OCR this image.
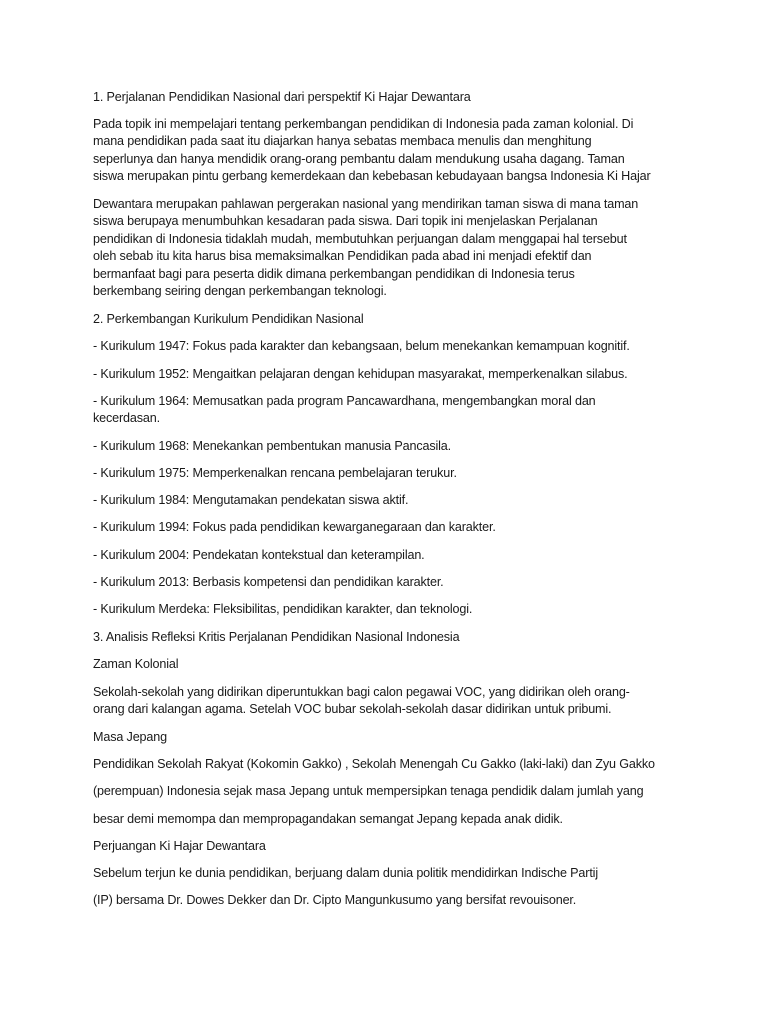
1. Perjalanan Pendidikan Nasional dari perspektif Ki Hajar Dewantara

Pada topik ini mempelajari tentang perkembangan pendidikan di Indonesia pada zaman kolonial. Di

mana pendidikan pada saat itu diajarkan hanya sebatas membaca menulis dan menghitung

seperlunya dan hanya mendidik orang-orang pembantu dalam mendukung usaha dagang. Taman

siswa merupakan pintu gerbang kemerdekaan dan kebebasan kebudayaan bangsa Indonesia Ki Hajar

Dewantara merupakan pahlawan pergerakan nasional yang mendirikan taman siswa di mana taman

siswa berupaya menumbuhkan kesadaran pada siswa. Dari topik ini menjelaskan Perjalanan

pendidikan di Indonesia tidaklah mudah, membutuhkan perjuangan dalam menggapai hal tersebut

oleh sebab itu kita harus bisa memaksimalkan Pendidikan pada abad ini menjadi efektif dan

bermanfaat bagi para peserta didik dimana perkembangan pendidikan di Indonesia terus

berkembang seiring dengan perkembangan teknologi.

2. Perkembangan Kurikulum Pendidikan Nasional

- Kurikulum 1947: Fokus pada karakter dan kebangsaan, belum menekankan kemampuan kognitif.

- Kurikulum 1952: Mengaitkan pelajaran dengan kehidupan masyarakat, memperkenalkan silabus.

- Kurikulum 1964: Memusatkan pada program Pancawardhana, mengembangkan moral dan

kecerdasan.

- Kurikulum 1968: Menekankan pembentukan manusia Pancasila.

- Kurikulum 1975: Memperkenalkan rencana pembelajaran terukur.

- Kurikulum 1984: Mengutamakan pendekatan siswa aktif.

- Kurikulum 1994: Fokus pada pendidikan kewarganegaraan dan karakter.

- Kurikulum 2004: Pendekatan kontekstual dan keterampilan.

- Kurikulum 2013: Berbasis kompetensi dan pendidikan karakter.

- Kurikulum Merdeka: Fleksibilitas, pendidikan karakter, dan teknologi.

3. Analisis Refleksi Kritis Perjalanan Pendidikan Nasional Indonesia

Zaman Kolonial

Sekolah-sekolah yang didirikan diperuntukkan bagi calon pegawai VOC, yang didirikan oleh orang-

orang dari kalangan agama. Setelah VOC bubar sekolah-sekolah dasar didirikan untuk pribumi.

Masa Jepang

Pendidikan Sekolah Rakyat (Kokomin Gakko) , Sekolah Menengah Cu Gakko (laki-laki) dan Zyu Gakko

(perempuan) Indonesia sejak masa Jepang untuk mempersipkan tenaga pendidik dalam jumlah yang

besar demi memompa dan mempropagandakan semangat Jepang kepada anak didik.

Perjuangan Ki Hajar Dewantara

Sebelum terjun ke dunia pendidikan, berjuang dalam dunia politik mendidirkan Indische Partij

(IP) bersama Dr. Dowes Dekker dan Dr. Cipto Mangunkusumo yang bersifat revouisoner.
